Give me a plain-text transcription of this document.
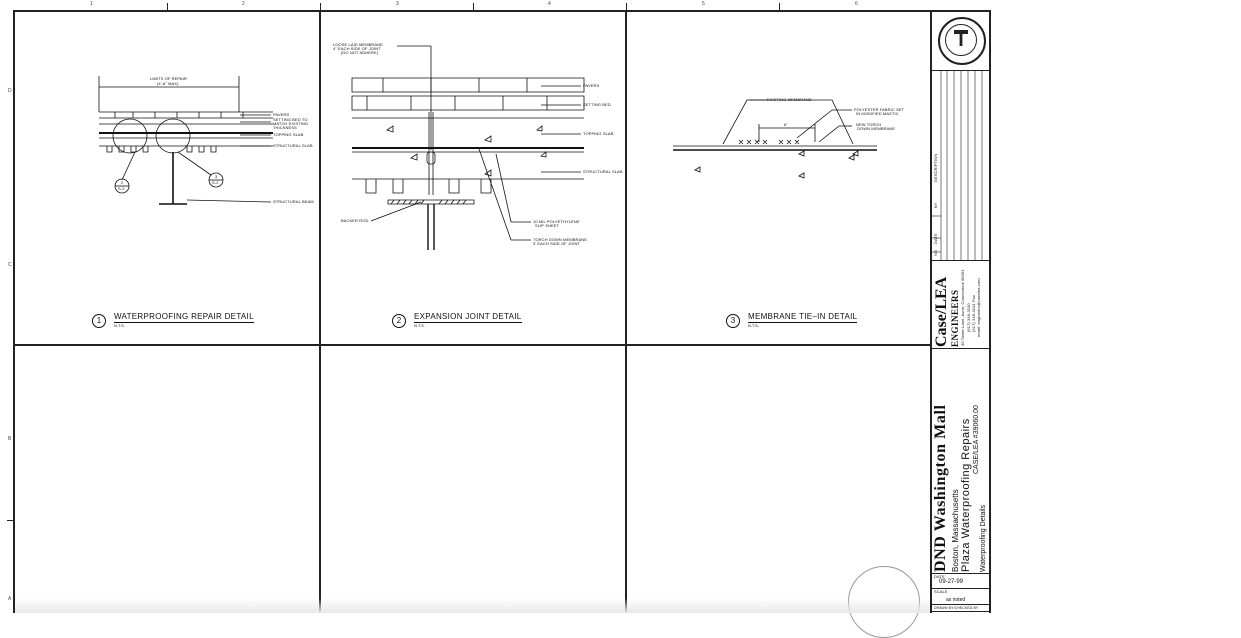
1	2	3	4	5	6
D
C
B
A
LIMITS OF REPAIR
(4'-6" MAX)
PAVERS
SETTING BED TO
MATCH EXISTING
THICKNESS
TOPPING SLAB
STRUCTURAL SLAB
STRUCTURAL BEAM
2
S-2
3
S-2
1	WATERPROOFING REPAIR DETAIL
N.T.S.
LOOSE LAID MEMBRANE
4" EACH SIDE OF JOINT
(DO NOT ADHERE)
PAVERS
SETTING BED
TOPPING SLAB
STRUCTURAL SLAB
BACKER ROD	10 MIL POLYETHYLENE
SLIP SHEET
TORCH DOWN MEMBRANE,
3' EACH SIDE OF JOINT
2	EXPANSION JOINT DETAIL
N.T.S.
EXISTING MEMBRANE
POLYESTER FABRIC SET
IN MODIFIED MASTIC
NEW TORCH
DOWN MEMBRANE
6"
3	MEMBRANE TIE–IN DETAIL
N.T.S.
NO
DATE
BY
DESCRIPTION
Case/LEA ENGINEERS 30 Tower Lane, Avon, Connecticut 06001 (617) 346-3100 (617) 346-3101 Fax email: engineers@caselea.com
DND Washington Mall Boston, Massachusetts Plaza Waterproofing Repairs CASE/LEA #39060.00
Waterproofing Details
DATE
09-27-99
SCALE
as noted
DRAWN BY/CHECKED BY
